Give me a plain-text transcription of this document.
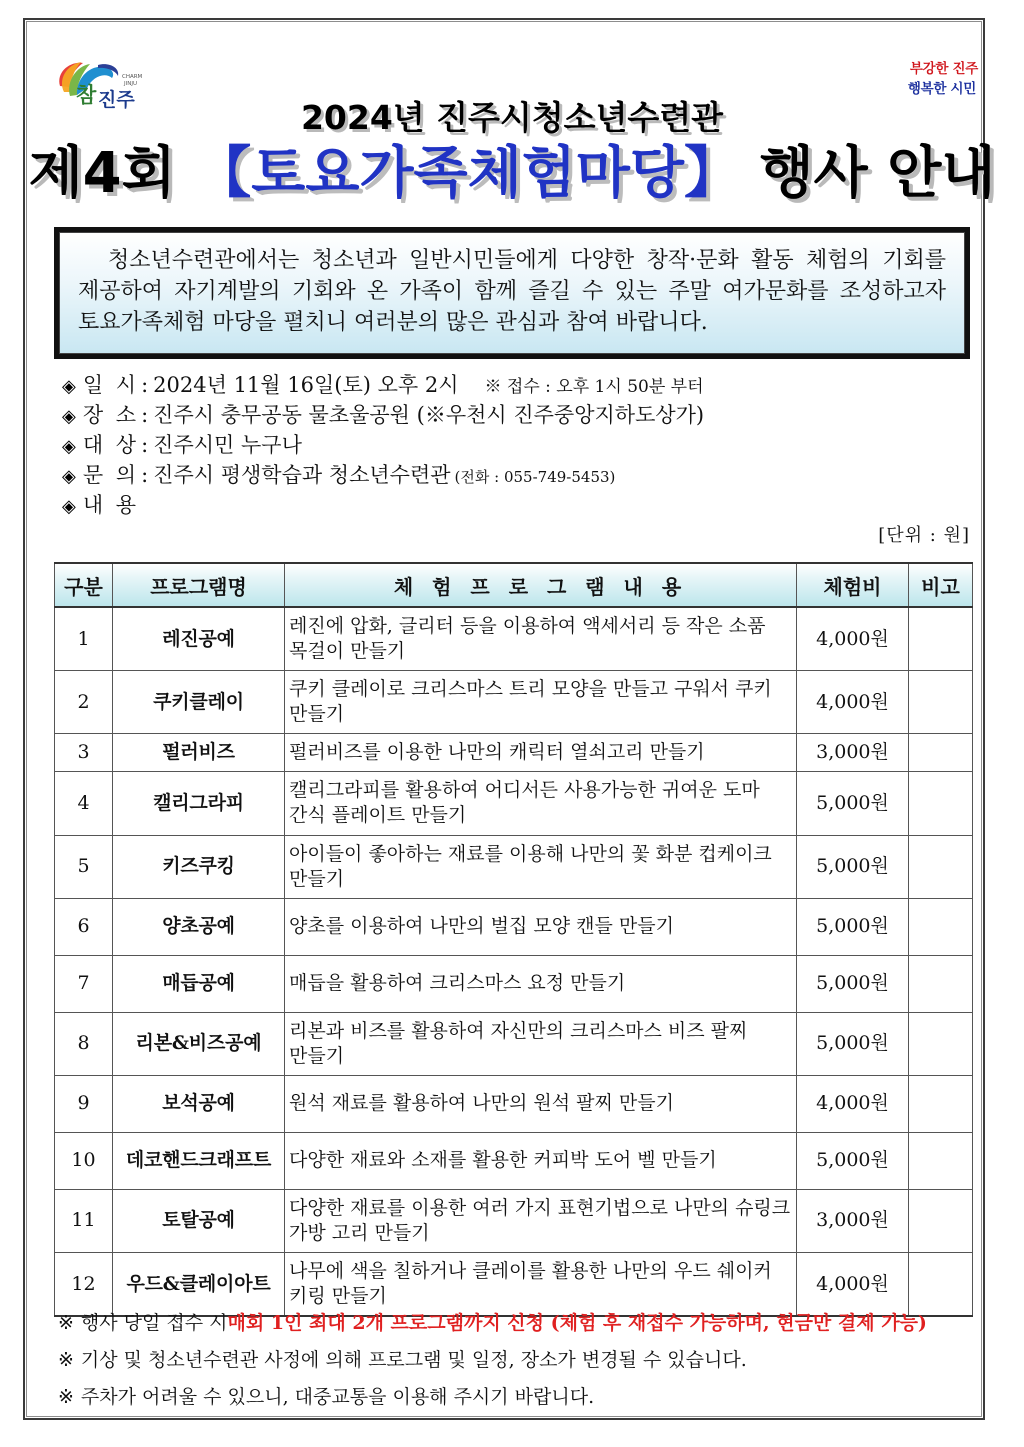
참 진주
CHARM
JINJU
부강한 진주
행복한 시민
2024년 진주시청소년수련관
제4회 【토요가족체험마당】 행사 안내

청소년수련관에서는 청소년과 일반시민들에게 다양한 창작·문화 활동 체험의 기회를 제공하여 자기계발의 기회와 온 가족이 함께 즐길 수 있는 주말 여가문화를 조성하고자 토요가족체험 마당을 펼치니 여러분의 많은 관심과 참여 바랍니다.

◈ 일 시 : 2024년 11월 16일(토) 오후 2시 ※ 접수 : 오후 1시 50분 부터
◈ 장 소 : 진주시 충무공동 물초울공원 (※우천시 진주중앙지하도상가)
◈ 대 상 : 진주시민 누구나
◈ 문 의 : 진주시 평생학습과 청소년수련관 (전화 : 055-749-5453)
◈ 내 용
[단위 : 원]
구분	프로그램명	체 험 프 로 그 램 내 용	체험비	비고
1	레진공예	레진에 압화, 글리터 등을 이용하여 액세서리 등 작은 소품 목걸이 만들기	4,000원	
2	쿠키클레이	쿠키 클레이로 크리스마스 트리 모양을 만들고 구워서 쿠키 만들기	4,000원	
3	펄러비즈	펄러비즈를 이용한 나만의 캐릭터 열쇠고리 만들기	3,000원	
4	캘리그라피	캘리그라피를 활용하여 어디서든 사용가능한 귀여운 도마 간식 플레이트 만들기	5,000원	
5	키즈쿠킹	아이들이 좋아하는 재료를 이용해 나만의 꽃 화분 컵케이크 만들기	5,000원	
6	양초공예	양초를 이용하여 나만의 벌집 모양 캔들 만들기	5,000원	
7	매듭공예	매듭을 활용하여 크리스마스 요정 만들기	5,000원	
8	리본&비즈공예	리본과 비즈를 활용하여 자신만의 크리스마스 비즈 팔찌 만들기	5,000원	
9	보석공예	원석 재료를 활용하여 나만의 원석 팔찌 만들기	4,000원	
10	데코핸드크래프트	다양한 재료와 소재를 활용한 커피박 도어 벨 만들기	5,000원	
11	토탈공예	다양한 재료를 이용한 여러 가지 표현기법으로 나만의 슈링크 가방 고리 만들기	3,000원	
12	우드&클레이아트	나무에 색을 칠하거나 클레이를 활용한 나만의 우드 쉐이커 키링 만들기	4,000원	
※ 행사 당일 접수 시 매회 1인 최대 2개 프로그램까지 신청 (체험 후 재접수 가능하며, 현금만 결제 가능)
※ 기상 및 청소년수련관 사정에 의해 프로그램 및 일정, 장소가 변경될 수 있습니다.
※ 주차가 어려울 수 있으니, 대중교통을 이용해 주시기 바랍니다.
